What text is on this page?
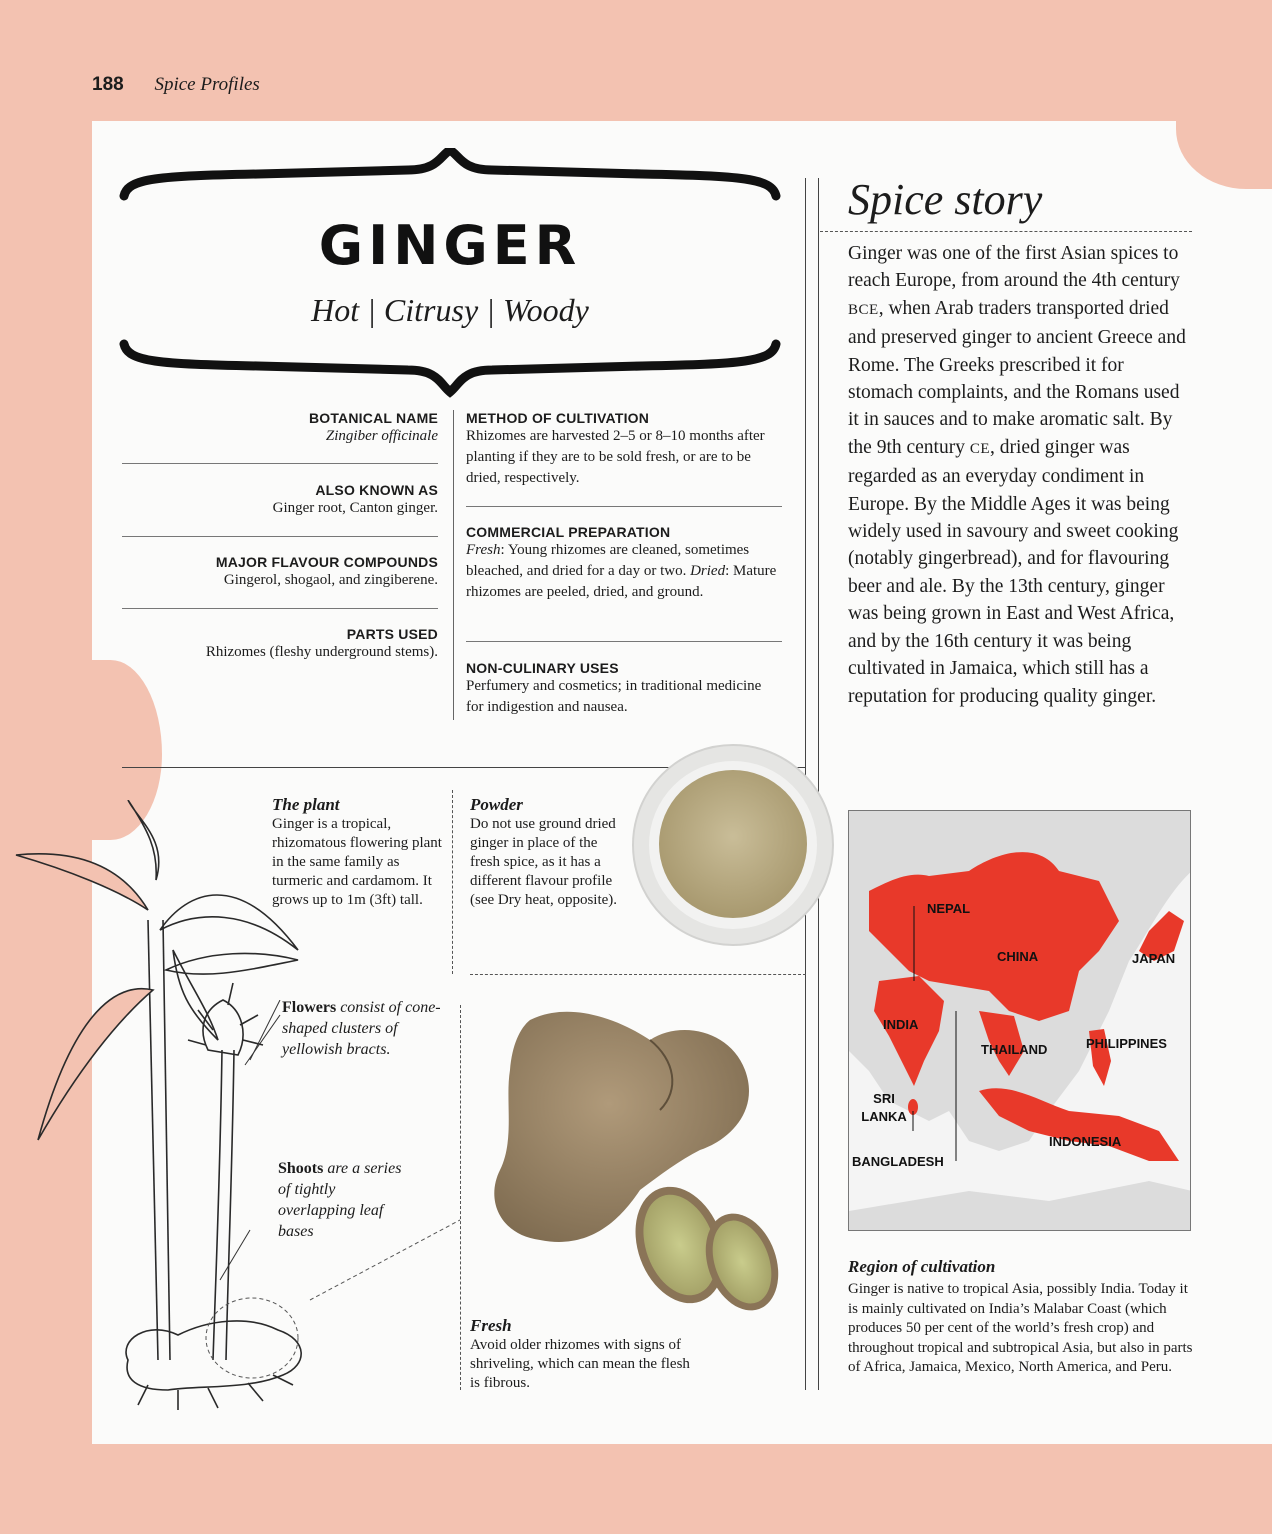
188 Spice Profiles
GINGER
Hot | Citrusy | Woody
BOTANICAL NAME
Zingiber officinale
ALSO KNOWN AS
Ginger root, Canton ginger.
MAJOR FLAVOUR COMPOUNDS
Gingerol, shogaol, and zingiberene.
PARTS USED
Rhizomes (fleshy underground stems).
METHOD OF CULTIVATION
Rhizomes are harvested 2–5 or 8–10 months after planting if they are to be sold fresh, or are to be dried, respectively.
COMMERCIAL PREPARATION
Fresh: Young rhizomes are cleaned, sometimes bleached, and dried for a day or two. Dried: Mature rhizomes are peeled, dried, and ground.
NON-CULINARY USES
Perfumery and cosmetics; in traditional medicine for indigestion and nausea.
Spice story
Ginger was one of the first Asian spices to reach Europe, from around the 4th century BCE, when Arab traders transported dried and preserved ginger to ancient Greece and Rome. The Greeks prescribed it for stomach complaints, and the Romans used it in sauces and to make aromatic salt. By the 9th century CE, dried ginger was regarded as an everyday condiment in Europe. By the Middle Ages it was being widely used in savoury and sweet cooking (notably gingerbread), and for flavouring beer and ale. By the 13th century, ginger was being grown in East and West Africa, and by the 16th century it was being cultivated in Jamaica, which still has a reputation for producing quality ginger.
The plant
Ginger is a tropical, rhizomatous flowering plant in the same family as turmeric and cardamom. It grows up to 1m (3ft) tall.
Flowers consist of cone-shaped clusters of yellowish bracts.
Shoots are a series of tightly overlapping leaf bases
Powder
Do not use ground dried ginger in place of the fresh spice, as it has a different flavour profile (see Dry heat, opposite).
Fresh
Avoid older rhizomes with signs of shriveling, which can mean the flesh is fibrous.
NEPAL
CHINA	JAPAN
INDIA
THAILAND	PHILIPPINES
SRI LANKA
INDONESIA
BANGLADESH
Region of cultivation
Ginger is native to tropical Asia, possibly India. Today it is mainly cultivated on India’s Malabar Coast (which produces 50 per cent of the world’s fresh crop) and throughout tropical and subtropical Asia, but also in parts of Africa, Jamaica, Mexico, North America, and Peru.
